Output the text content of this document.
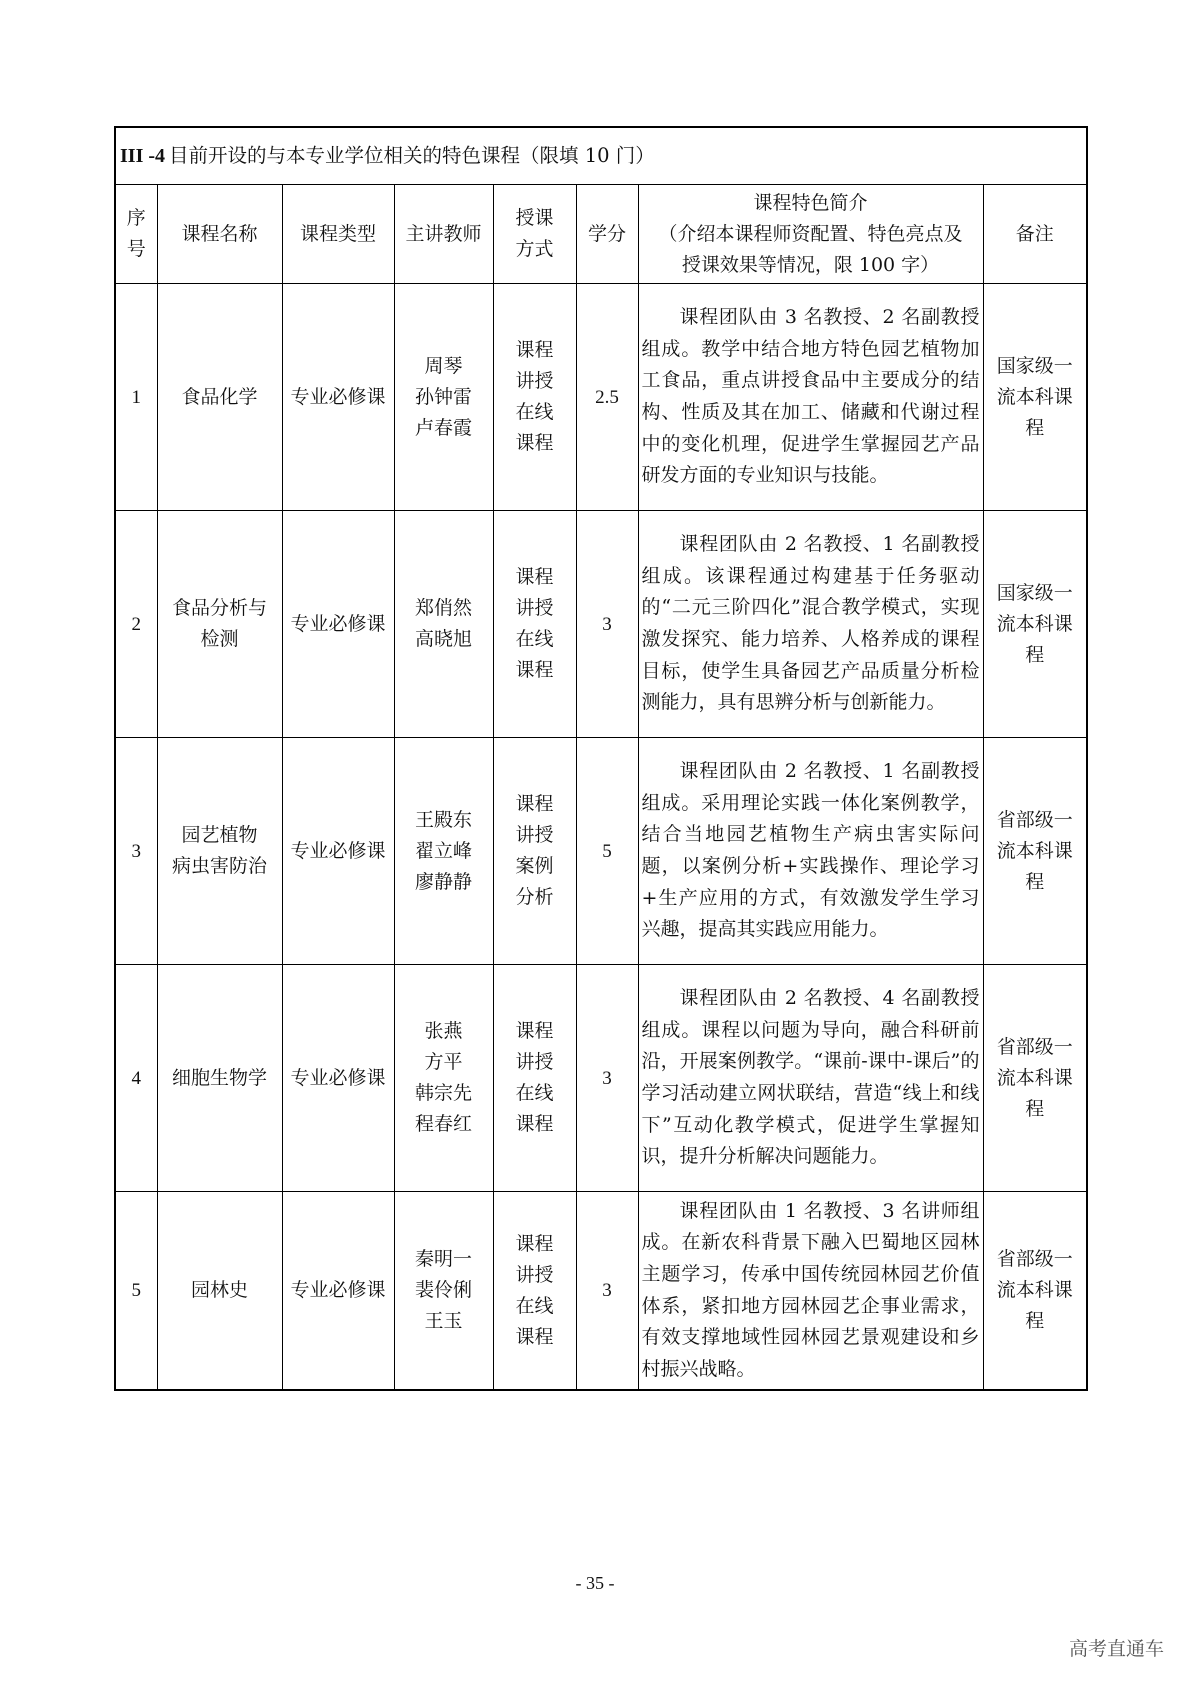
III -4 目前开设的与本专业学位相关的特色课程（限填 10 门）							

序
号	课程名称	课程类型	主讲教师	授课
方式	学分	课程特色简介
（介绍本课程师资配置、特色亮点及
授课效果等情况，限 100 字）	备注
1	食品化学	专业必修课	周琴
孙钟雷
卢春霞	课程
讲授
在线
课程	2.5	课程团队由 3 名教授、2 名副教授组成。教学中结合地方特色园艺植物加工食品，重点讲授食品中主要成分的结构、性质及其在加工、储藏和代谢过程中的变化机理，促进学生掌握园艺产品研发方面的专业知识与技能。	国家级一
流本科课
程

2	食品分析与
检测	专业必修课	郑俏然
高晓旭	课程
讲授
在线
课程	3	课程团队由 2 名教授、1 名副教授组成。该课程通过构建基于任务驱动的“二元三阶四化”混合教学模式，实现激发探究、能力培养、人格养成的课程目标，使学生具备园艺产品质量分析检测能力，具有思辨分析与创新能力。	国家级一
流本科课
程

3	园艺植物
病虫害防治	专业必修课	王殿东
翟立峰
廖静静	课程
讲授
案例
分析	5	课程团队由 2 名教授、1 名副教授组成。采用理论实践一体化案例教学，结合当地园艺植物生产病虫害实际问题，以案例分析+实践操作、理论学习+生产应用的方式，有效激发学生学习兴趣，提高其实践应用能力。	省部级一
流本科课
程

4	细胞生物学	专业必修课	张燕
方平
韩宗先
程春红	课程
讲授
在线
课程	3	课程团队由 2 名教授、4 名副教授组成。课程以问题为导向，融合科研前沿，开展案例教学。“课前-课中-课后”的学习活动建立网状联结，营造“线上和线下”互动化教学模式，促进学生掌握知识，提升分析解决问题能力。	省部级一
流本科课
程

5	园林史	专业必修课	秦明一
裴伶俐
王玉	课程
讲授
在线
课程	3	课程团队由 1 名教授、3 名讲师组成。在新农科背景下融入巴蜀地区园林主题学习，传承中国传统园林园艺价值体系，紧扣地方园林园艺企事业需求，有效支撑地域性园林园艺景观建设和乡村振兴战略。	省部级一
流本科课
程
- 35 -
高考直通车
